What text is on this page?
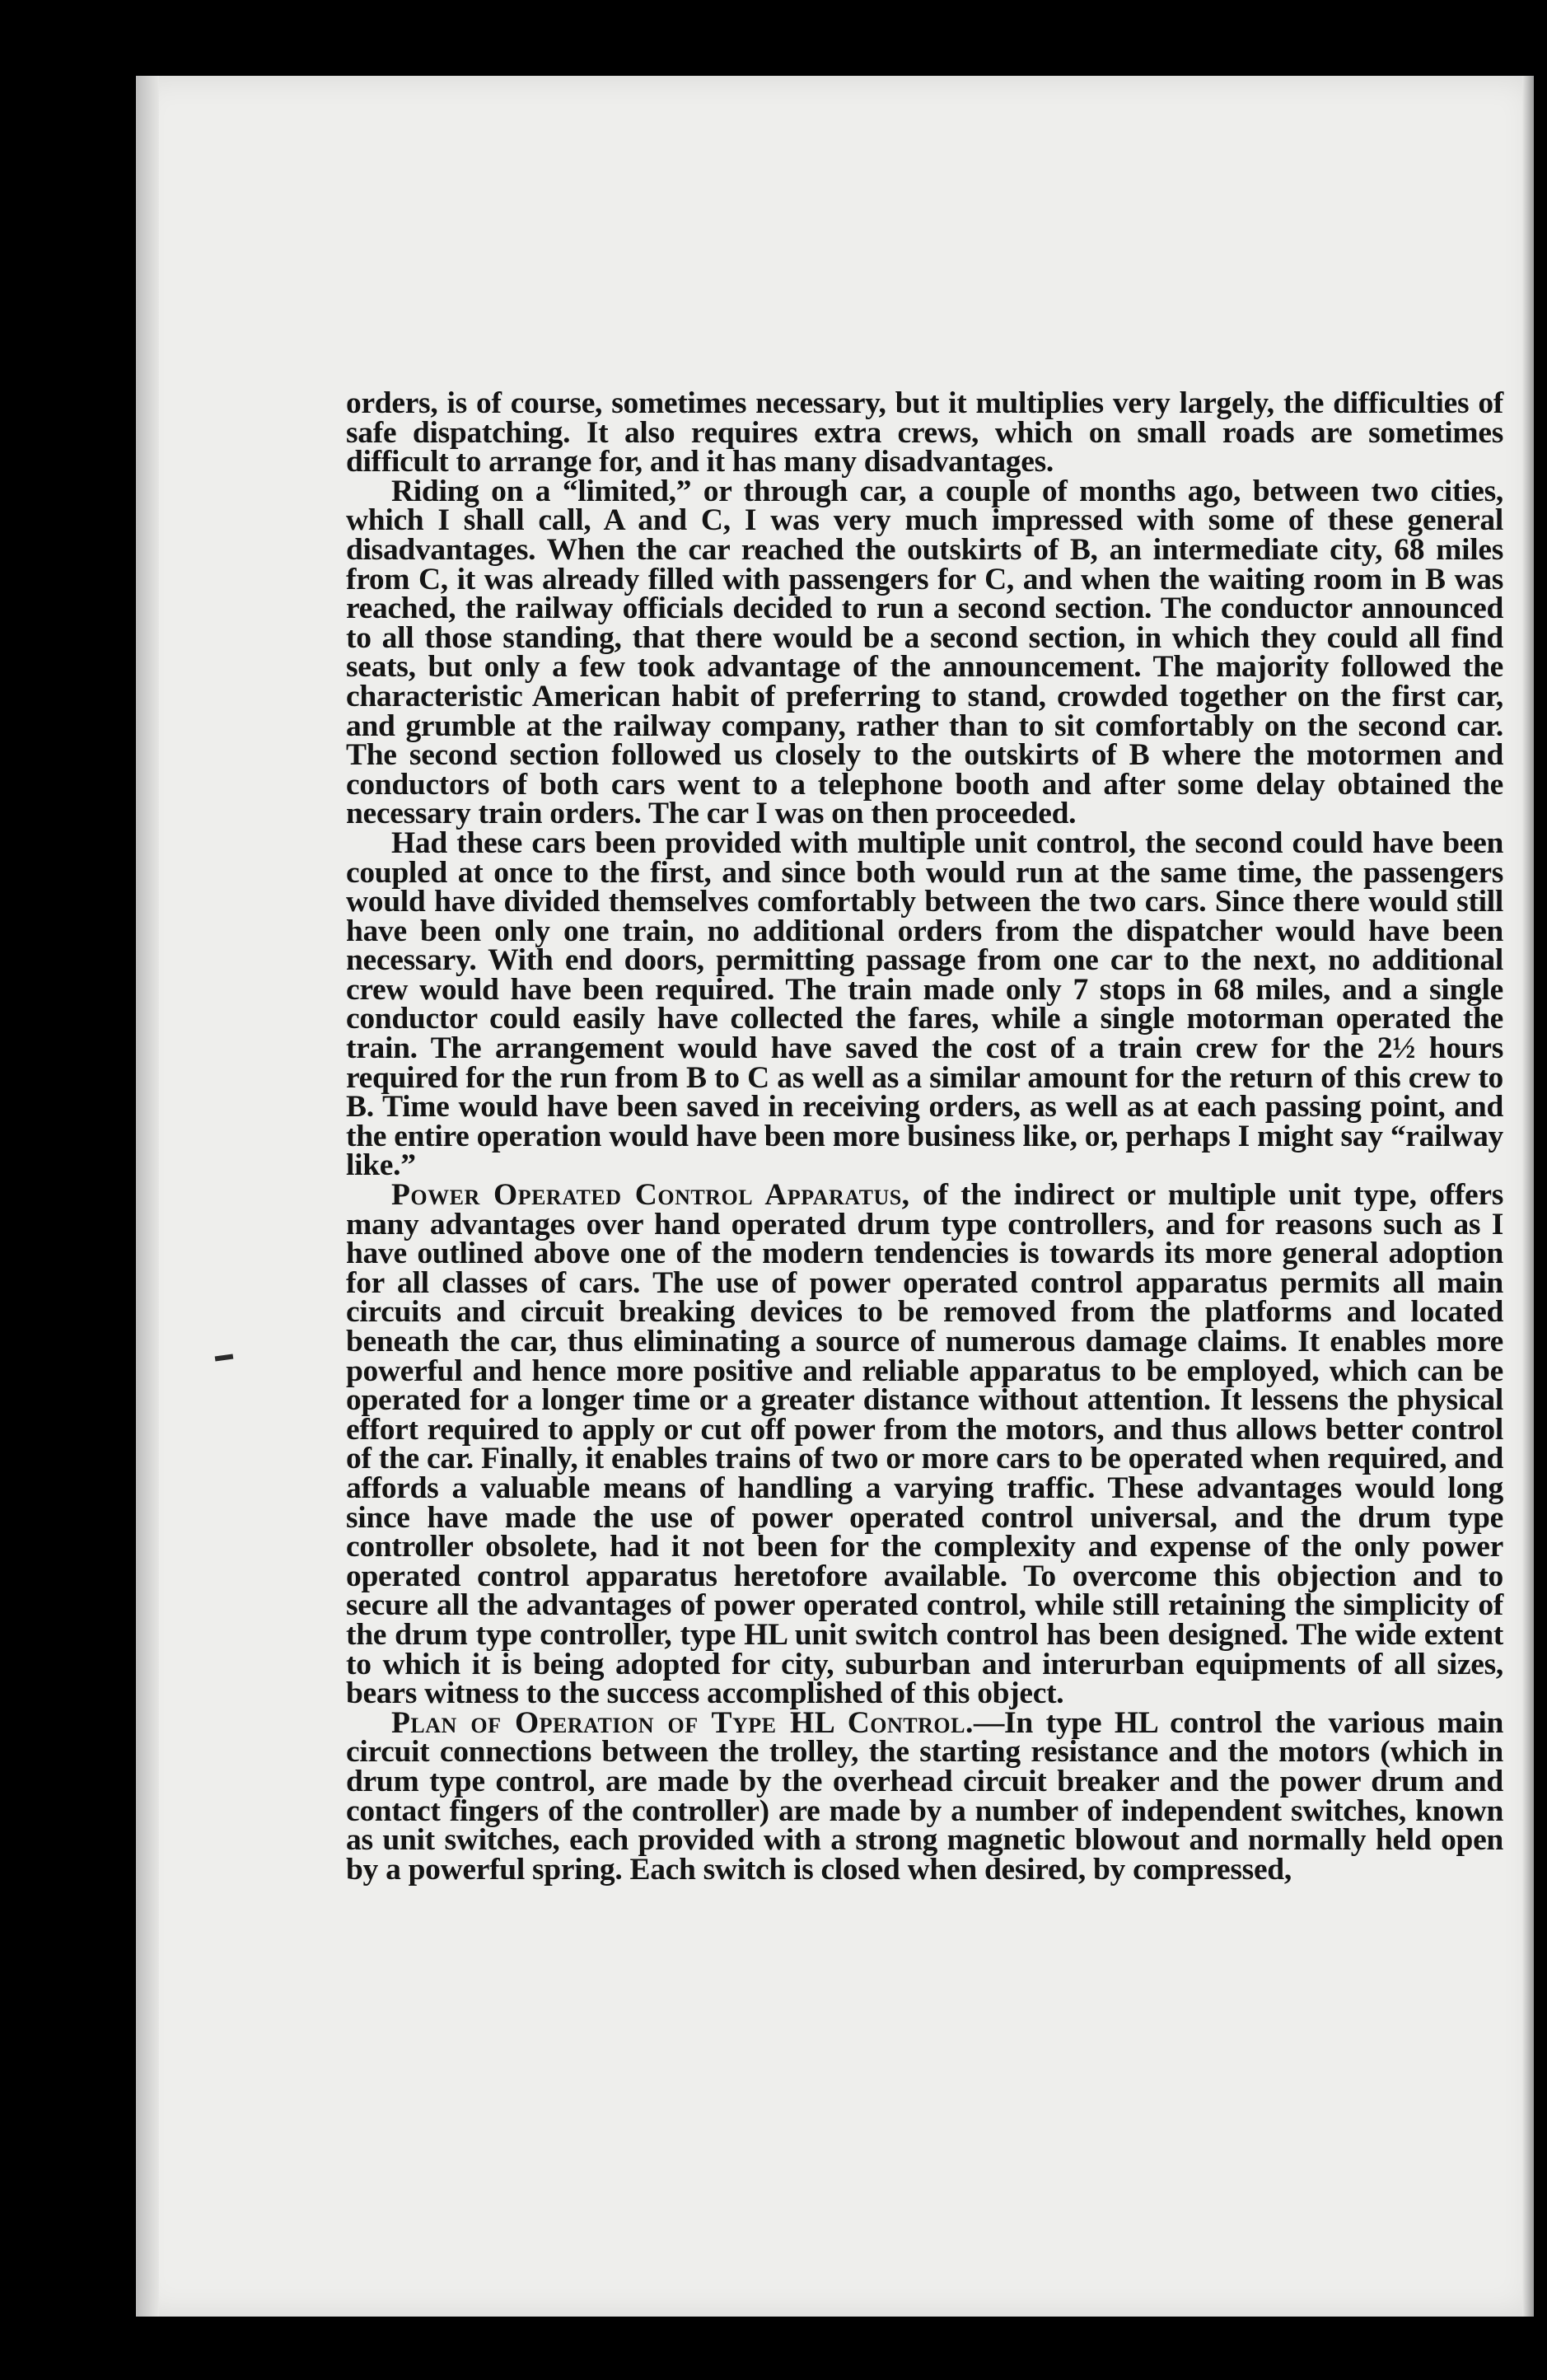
orders, is of course, sometimes necessary, but it multiplies very largely, the difficulties of safe dispatching. It also requires extra crews, which on small roads are sometimes difficult to arrange for, and it has many disadvantages.

Riding on a “limited,” or through car, a couple of months ago, between two cities, which I shall call, A and C, I was very much impressed with some of these general disadvantages. When the car reached the outskirts of B, an intermediate city, 68 miles from C, it was already filled with passengers for C, and when the waiting room in B was reached, the railway officials decided to run a second section. The conductor announced to all those standing, that there would be a second section, in which they could all find seats, but only a few took advantage of the announcement. The majority followed the characteristic American habit of preferring to stand, crowded together on the first car, and grumble at the railway company, rather than to sit comfortably on the second car. The second section followed us closely to the outskirts of B where the motormen and conductors of both cars went to a telephone booth and after some delay obtained the necessary train orders. The car I was on then proceeded.

Had these cars been provided with multiple unit control, the second could have been coupled at once to the first, and since both would run at the same time, the passengers would have divided themselves comfortably between the two cars. Since there would still have been only one train, no additional orders from the dispatcher would have been necessary. With end doors, permitting passage from one car to the next, no additional crew would have been required. The train made only 7 stops in 68 miles, and a single conductor could easily have collected the fares, while a single motorman operated the train. The arrangement would have saved the cost of a train crew for the 2½ hours required for the run from B to C as well as a similar amount for the return of this crew to B. Time would have been saved in receiving orders, as well as at each passing point, and the entire operation would have been more business like, or, perhaps I might say “railway like.”

Power Operated Control Apparatus, of the indirect or multiple unit type, offers many advantages over hand operated drum type controllers, and for reasons such as I have outlined above one of the modern tendencies is towards its more general adoption for all classes of cars. The use of power operated control apparatus permits all main circuits and circuit breaking devices to be removed from the platforms and located beneath the car, thus eliminating a source of numerous damage claims. It enables more powerful and hence more positive and reliable apparatus to be employed, which can be operated for a longer time or a greater distance without attention. It lessens the physical effort required to apply or cut off power from the motors, and thus allows better control of the car. Finally, it enables trains of two or more cars to be operated when required, and affords a valuable means of handling a varying traffic. These advantages would long since have made the use of power operated control universal, and the drum type controller obsolete, had it not been for the complexity and expense of the only power operated control apparatus heretofore available. To overcome this objection and to secure all the advantages of power operated control, while still retaining the simplicity of the drum type controller, type HL unit switch control has been designed. The wide extent to which it is being adopted for city, suburban and interurban equipments of all sizes, bears witness to the success accomplished of this object.

Plan of Operation of Type HL Control.—In type HL control the various main circuit connections between the trolley, the starting resistance and the motors (which in drum type control, are made by the overhead circuit breaker and the power drum and contact fingers of the controller) are made by a number of independent switches, known as unit switches, each provided with a strong magnetic blowout and normally held open by a powerful spring. Each switch is closed when desired, by compressed,
